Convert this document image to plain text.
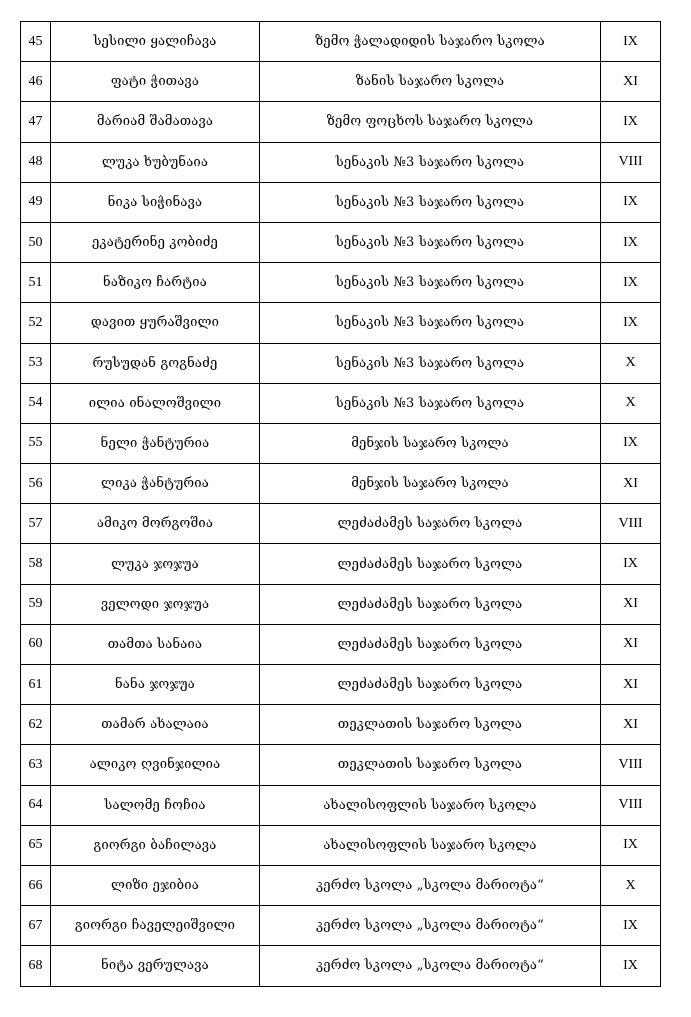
45	სესილი ყალიჩავა	ზემო ჭალადიდის საჯარო სკოლა	IX
46	ფატი ჭითავა	ზანის საჯარო სკოლა	XI
47	მარიამ შამათავა	ზემო ფოცხოს საჯარო სკოლა	IX
48	ლუკა ხუბუნაია	სენაკის №3 საჯარო სკოლა	VIII
49	ნიკა სიჭინავა	სენაკის №3 საჯარო სკოლა	IX
50	ეკატერინე კობიძე	სენაკის №3 საჯარო სკოლა	IX
51	ნაზიკო ჩარტია	სენაკის №3 საჯარო სკოლა	IX
52	დავით ყურაშვილი	სენაკის №3 საჯარო სკოლა	IX
53	რუსუდან გოგნაძე	სენაკის №3 საჯარო სკოლა	X
54	ილია ინალოშვილი	სენაკის №3 საჯარო სკოლა	X
55	ნელი ჭანტურია	მენჯის საჯარო სკოლა	IX
56	ლიკა ჭანტურია	მენჯის საჯარო სკოლა	XI
57	ამიკო მორგოშია	ლეძაძამეს საჯარო სკოლა	VIII
58	ლუკა ჯოჯუა	ლეძაძამეს საჯარო სკოლა	IX
59	ველოდი ჯოჯუა	ლეძაძამეს საჯარო სკოლა	XI
60	თამთა სანაია	ლეძაძამეს საჯარო სკოლა	XI
61	ნანა ჯოჯუა	ლეძაძამეს საჯარო სკოლა	XI
62	თამარ ახალაია	თეკლათის საჯარო სკოლა	XI
63	ალიკო ღვინჯილია	თეკლათის საჯარო სკოლა	VIII
64	სალომე ჩოჩია	ახალისოფლის საჯარო სკოლა	VIII
65	გიორგი ბაჩილავა	ახალისოფლის საჯარო სკოლა	IX
66	ლიზი ეჯიბია	კერძო სკოლა „სკოლა მარიოტა“	X
67	გიორგი ჩაველეიშვილი	კერძო სკოლა „სკოლა მარიოტა“	IX
68	ნიტა ვერულავა	კერძო სკოლა „სკოლა მარიოტა“	IX
